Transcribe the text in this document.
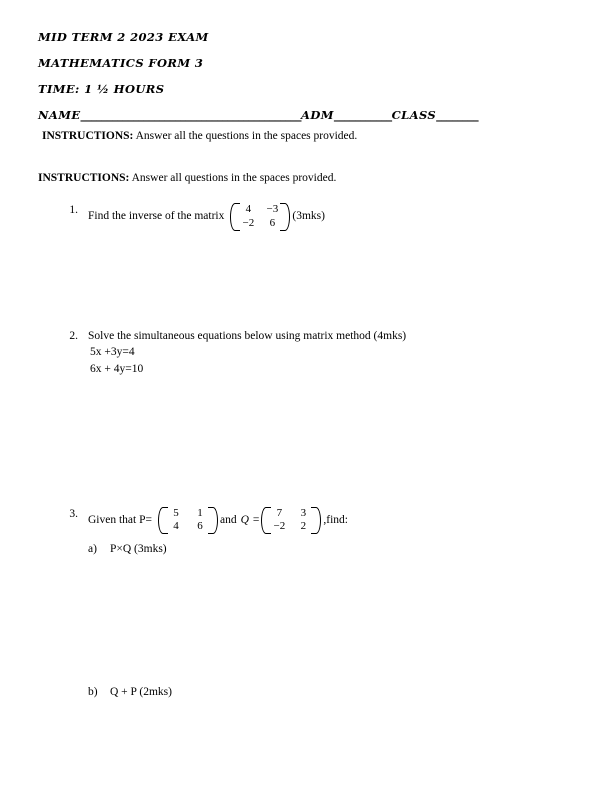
MID TERM 2 2023 EXAM
MATHEMATICS FORM 3
TIME: 1 ½ HOURS
NAME__________________________________________ADM___________CLASS________
INSTRUCTIONS: Answer all the questions in the spaces provided.
INSTRUCTIONS: Answer all questions in the spaces provided.
1.
Find the inverse of the matrix
4	−3
−2	6
(3mks)
2. Solve the simultaneous equations below using matrix method (4mks)
5x +3y=4
6x + 4y=10
3.
Given that P=
5	1
4	6
and Q =
7	3
−2	2
,find:
a)	P×Q (3mks)
b)	Q + P (2mks)
